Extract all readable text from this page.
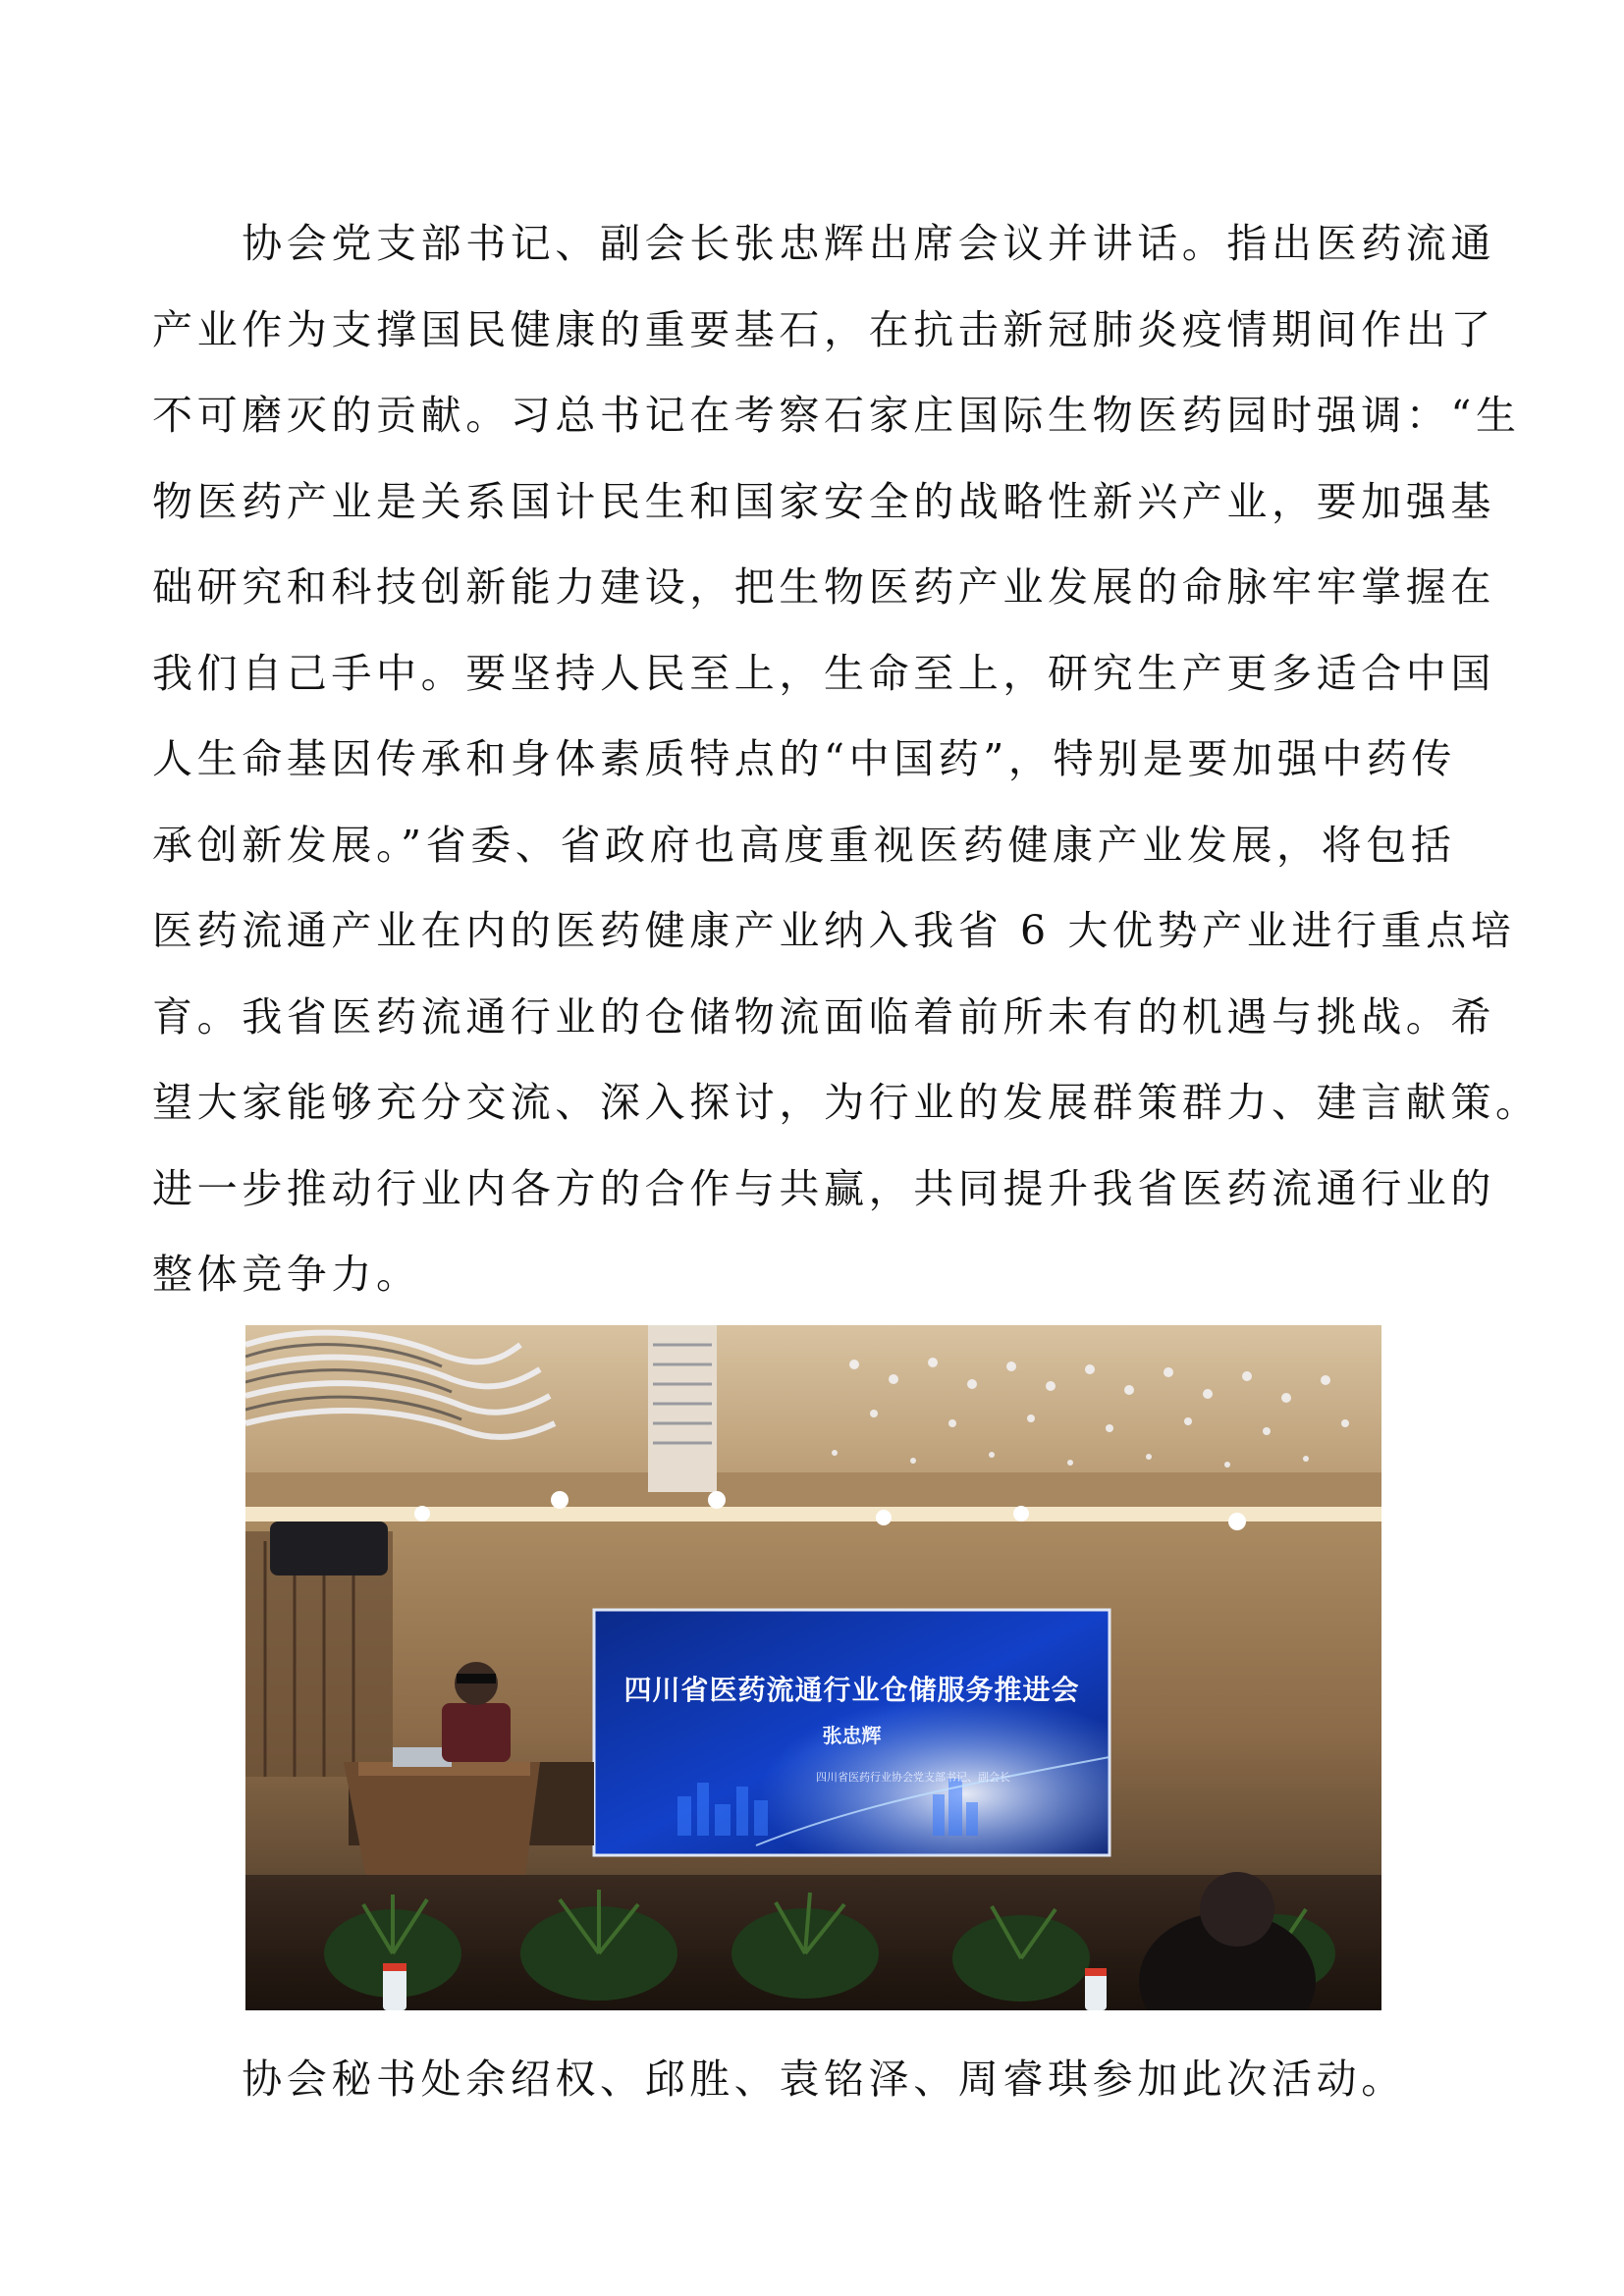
　　协会党支部书记、副会长张忠辉出席会议并讲话。指出医药流通
产业作为支撑国民健康的重要基石，在抗击新冠肺炎疫情期间作出了
不可磨灭的贡献。习总书记在考察石家庄国际生物医药园时强调：“生
物医药产业是关系国计民生和国家安全的战略性新兴产业，要加强基
础研究和科技创新能力建设，把生物医药产业发展的命脉牢牢掌握在
我们自己手中。要坚持人民至上，生命至上，研究生产更多适合中国
人生命基因传承和身体素质特点的“中国药”，特别是要加强中药传
承创新发展。”省委、省政府也高度重视医药健康产业发展，将包括
医药流通产业在内的医药健康产业纳入我省 6 大优势产业进行重点培
育。我省医药流通行业的仓储物流面临着前所未有的机遇与挑战。希
望大家能够充分交流、深入探讨，为行业的发展群策群力、建言献策。
进一步推动行业内各方的合作与共赢，共同提升我省医药流通行业的
整体竞争力。
四川省医药流通行业仓储服务推进会
张忠辉
四川省医药行业协会党支部书记、副会长
　　协会秘书处余绍权、邱胜、袁铭泽、周睿琪参加此次活动。
